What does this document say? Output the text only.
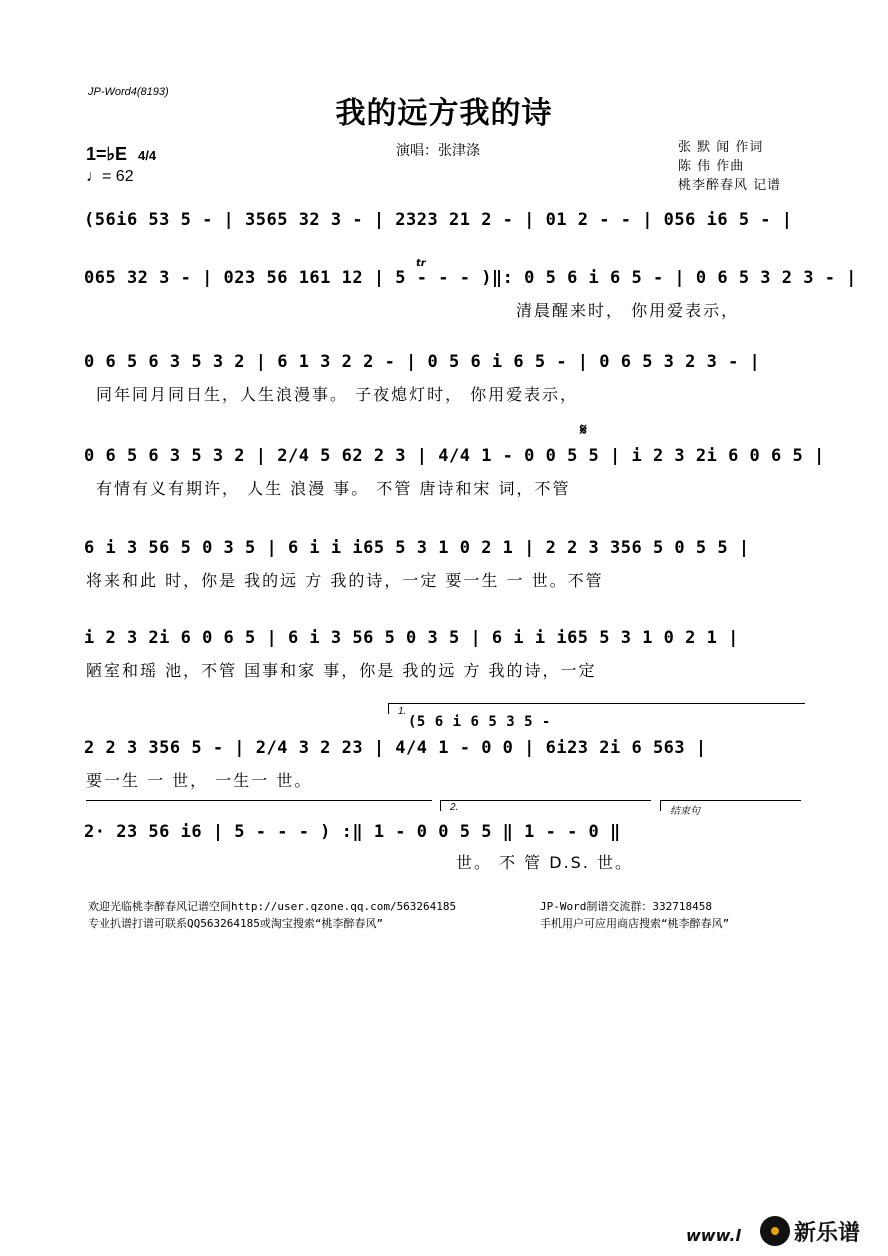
JP-Word4(8193)
我的远方我的诗
1=♭E 4/4
♩= 62
演唱：张津涤	张 默 闻 作词
陈 伟 作曲
桃李醉春风 记谱
(56i6 53 5 - | 3565 32 3 - | 2323 21 2 - | 01 2 - - | 056 i6 5 - |
tr
065 32 3 - | 023 56 161 12 | 5 - - - )‖: 0 5 6 i 6 5 - | 0 6 5 3 2 3 - |
清晨醒来时， 你用爱表示，
0 6 5 6 3 5 3 2 | 6 1 3 2 2 - | 0 5 6 i 6 5 - | 0 6 5 3 2 3 - |
同年同月同日生，人生浪漫事。 子夜熄灯时， 你用爱表示，
𝄋
0 6 5 6 3 5 3 2 | 2/4 5 62 2 3 | 4/4 1 - 0 0 5 5 | i 2 3 2i 6 0 6 5 |
有情有义有期许， 人生 浪漫 事。 不管 唐诗和宋 词，不管
6 i 3 56 5 0 3 5 | 6 i i i65 5 3 1 0 2 1 | 2 2 3 356 5 0 5 5 |
将来和此 时，你是 我的远 方 我的诗，一定 要一生 一 世。不管
i 2 3 2i 6 0 6 5 | 6 i 3 56 5 0 3 5 | 6 i i i65 5 3 1 0 2 1 |
陋室和瑶 池，不管 国事和家 事，你是 我的远 方 我的诗，一定
1.
(5 6 i 6 5 3 5 -
2 2 3 356 5 - | 2/4 3 2 23 | 4/4 1 - 0 0 | 6i23 2i 6 563 |
要一生 一 世， 一生一 世。
2.	结束句
2· 23 56 i6 | 5 - - - ) :‖ 1 - 0 0 5 5 ‖ 1 - - 0 ‖
世。 不 管 D.S. 世。
欢迎光临桃李醉春风记谱空间http://user.qzone.qq.com/563264185	JP-Word制谱交流群：332718458
专业扒谱打谱可联系QQ563264185或淘宝搜索“桃李醉春风”	手机用户可应用商店搜索“桃李醉春风”
www.l 新乐谱
